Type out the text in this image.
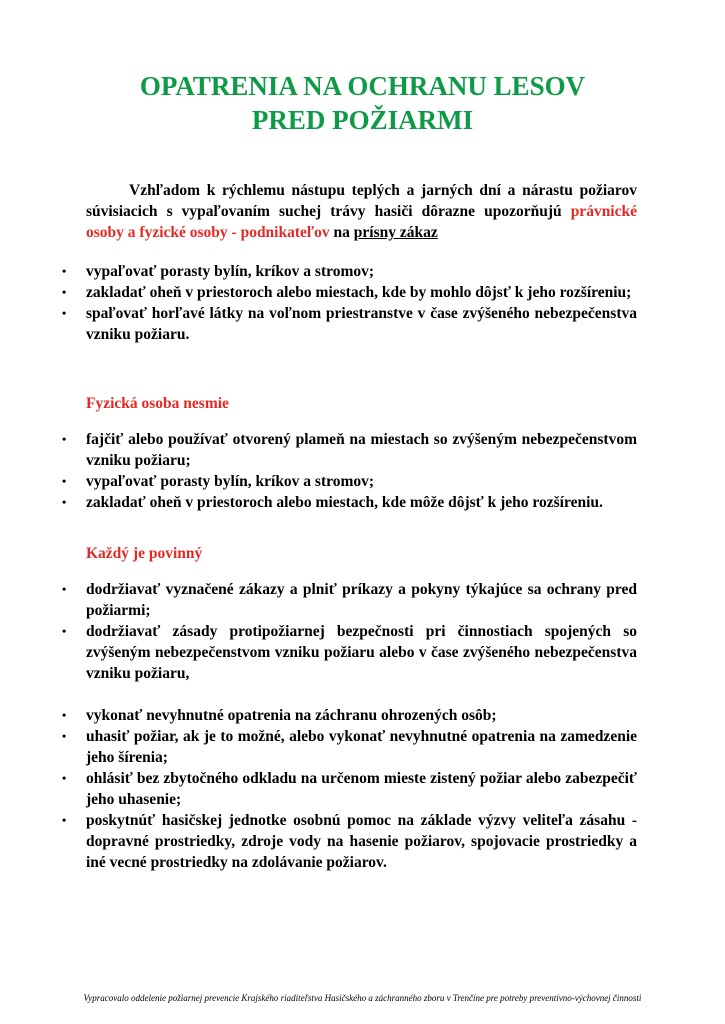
OPATRENIA NA OCHRANU LESOV
PRED POŽIARMI

Vzhľadom k rýchlemu nástupu teplých a jarných dní a nárastu požiarov súvisiacich s vypaľovaním suchej trávy hasiči dôrazne upozorňujú právnické osoby a fyzické osoby - podnikateľov na prísny zákaz

• vypaľovať porasty bylín, kríkov a stromov;
• zakladať oheň v priestoroch alebo miestach, kde by mohlo dôjsť k jeho rozšíreniu;
• spaľovať horľavé látky na voľnom priestranstve v čase zvýšeného nebezpečenstva vzniku požiaru.

Fyzická osoba nesmie

• fajčiť alebo používať otvorený plameň na miestach so zvýšeným nebezpečenstvom vzniku požiaru;
• vypaľovať porasty bylín, kríkov a stromov;
• zakladať oheň v priestoroch alebo miestach, kde môže dôjsť k jeho rozšíreniu.

Každý je povinný

• dodržiavať vyznačené zákazy a plniť príkazy a pokyny týkajúce sa ochrany pred požiarmi;
• dodržiavať zásady protipožiarnej bezpečnosti pri činnostiach spojených so zvýšeným nebezpečenstvom vzniku požiaru alebo v čase zvýšeného nebezpečenstva vzniku požiaru,
• vykonať nevyhnutné opatrenia na záchranu ohrozených osôb;
• uhasiť požiar, ak je to možné, alebo vykonať nevyhnutné opatrenia na zamedzenie jeho šírenia;
• ohlásiť bez zbytočného odkladu na určenom mieste zistený požiar alebo zabezpečiť jeho uhasenie;
• poskytnúť hasičskej jednotke osobnú pomoc na základe výzvy veliteľa zásahu - dopravné prostriedky, zdroje vody na hasenie požiarov, spojovacie prostriedky a iné vecné prostriedky na zdolávanie požiarov.

Vypracovalo oddelenie požiarnej prevencie Krajského riaditeľstva Hasičského a záchranného zboru v Trenčíne pre potreby preventívno-výchovnej činnosti
